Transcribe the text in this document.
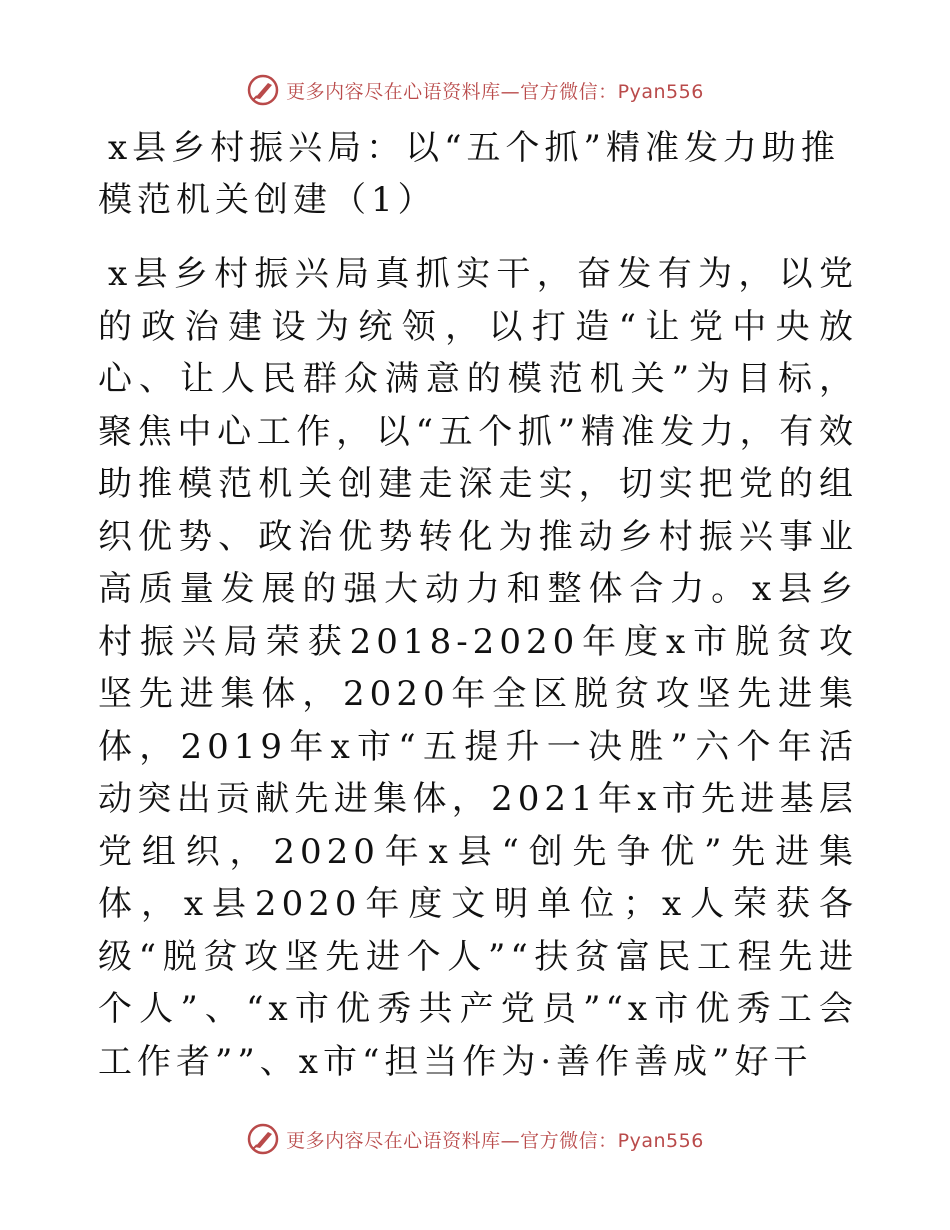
更多内容尽在心语资料库—官方微信：Pyan556
x县乡村振兴局：以“五个抓”精准发力助推模范机关创建（1）

x县乡村振兴局真抓实干，奋发有为，以党的政治建设为统领，以打造“让党中央放心、让人民群众满意的模范机关”为目标，聚焦中心工作，以“五个抓”精准发力，有效助推模范机关创建走深走实，切实把党的组织优势、政治优势转化为推动乡村振兴事业高质量发展的强大动力和整体合力。x县乡村振兴局荣获2018-2020年度x市脱贫攻坚先进集体，2020年全区脱贫攻坚先进集体，2019年x市“五提升一决胜”六个年活动突出贡献先进集体，2021年x市先进基层党组织，2020年x县“创先争优”先进集体，x县2020年度文明单位；x人荣获各级“脱贫攻坚先进个人”“扶贫富民工程先进个人”、“x市优秀共产党员”“x市优秀工会工作者””、x市“担当作为·善作善成”好干

更多内容尽在心语资料库—官方微信：Pyan556
